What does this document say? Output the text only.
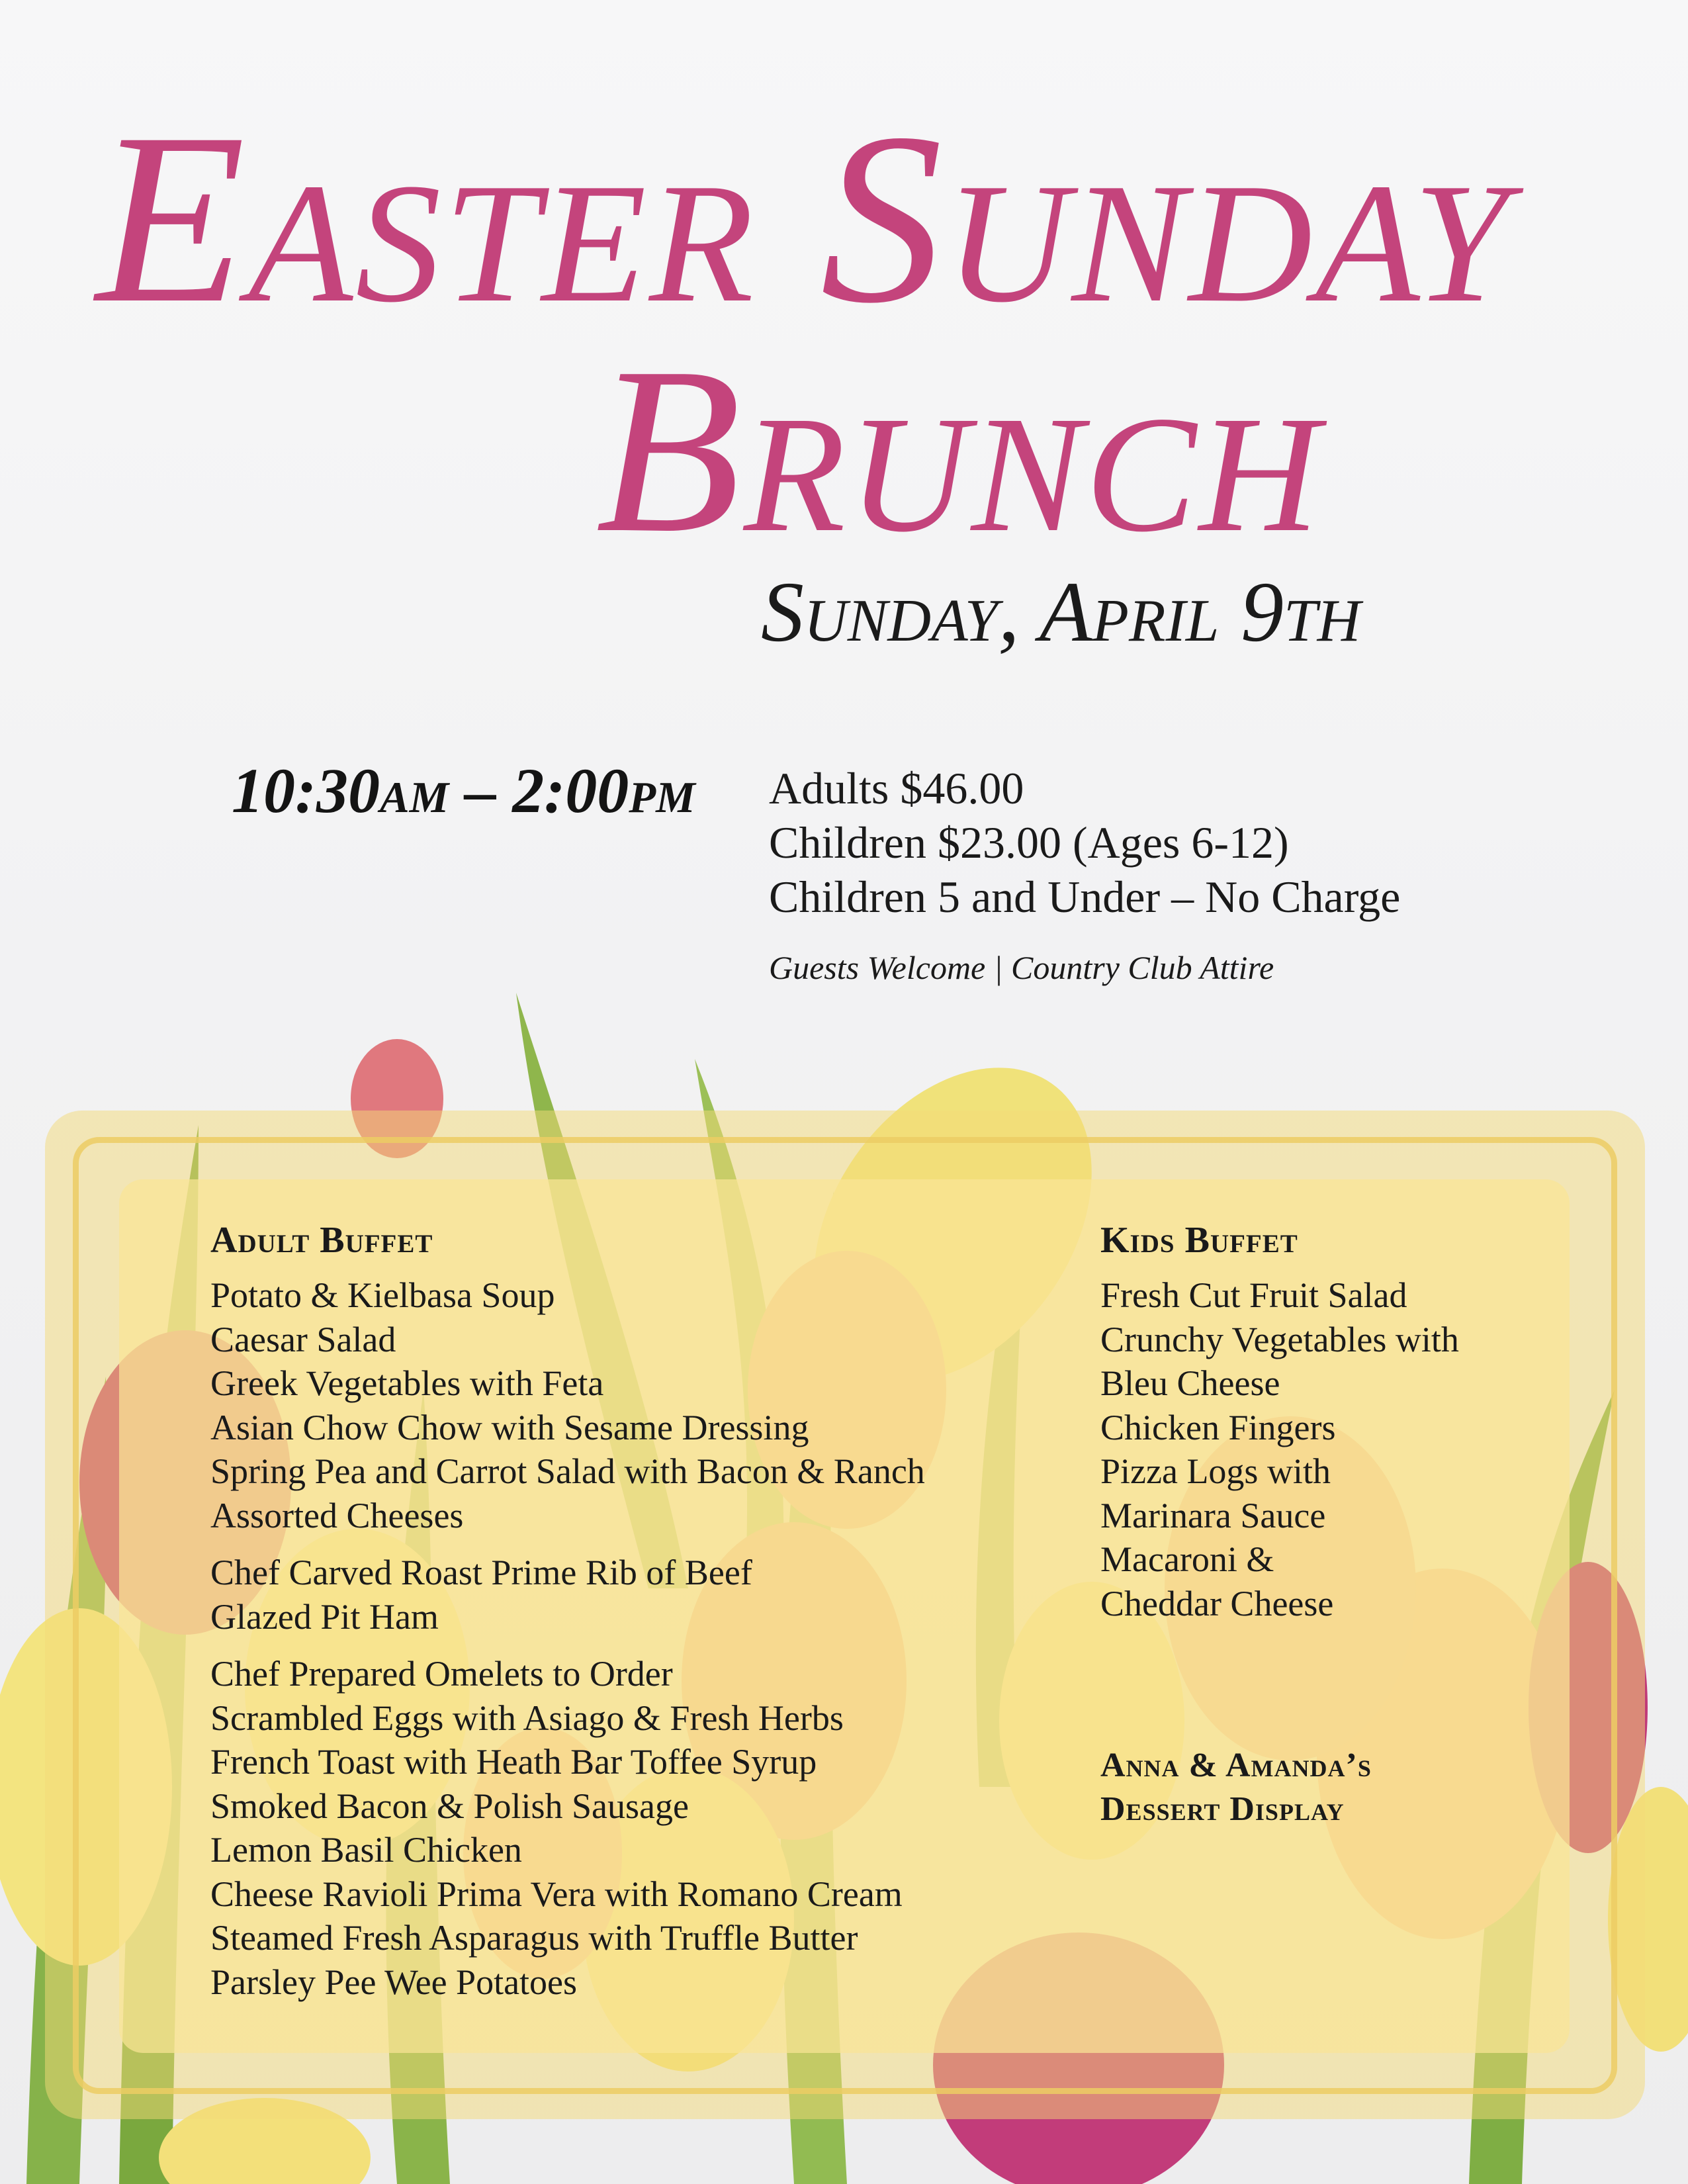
Easter Sunday
Brunch
Sunday, April 9th
10:30am – 2:00pm Adults $46.00
Children $23.00 (Ages 6-12)
Children 5 and Under – No Charge
Guests Welcome | Country Club Attire
Adult Buffet
Potato & Kielbasa Soup
Caesar Salad
Greek Vegetables with Feta
Asian Chow Chow with Sesame Dressing
Spring Pea and Carrot Salad with Bacon & Ranch
Assorted Cheeses
Chef Carved Roast Prime Rib of Beef
Glazed Pit Ham
Chef Prepared Omelets to Order
Scrambled Eggs with Asiago & Fresh Herbs
French Toast with Heath Bar Toffee Syrup
Smoked Bacon & Polish Sausage
Lemon Basil Chicken
Cheese Ravioli Prima Vera with Romano Cream
Steamed Fresh Asparagus with Truffle Butter
Parsley Pee Wee Potatoes
Kids Buffet
Fresh Cut Fruit Salad
Crunchy Vegetables with
Bleu Cheese
Chicken Fingers
Pizza Logs with
Marinara Sauce
Macaroni &
Cheddar Cheese
Anna & Amanda’s
Dessert Display
